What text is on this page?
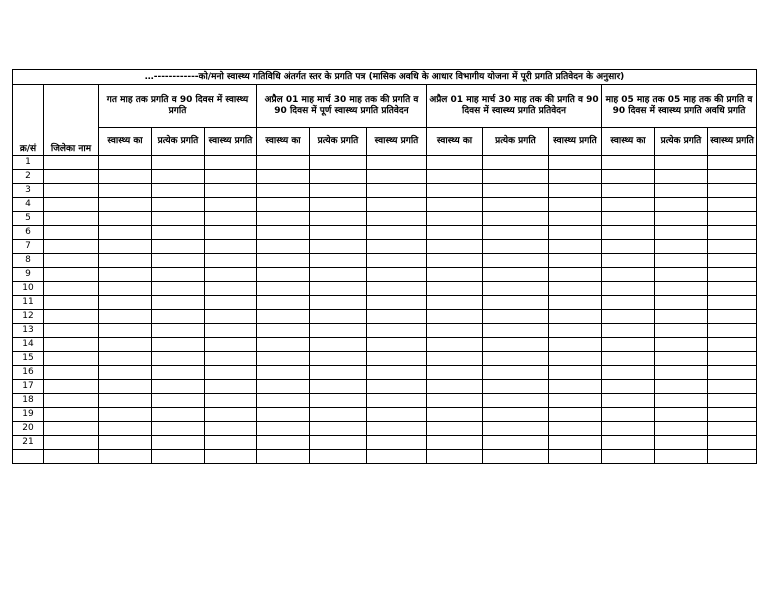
…------------को/मनो स्वास्थ्य गतिविधि अंतर्गत स्तर के प्रगति पत्र (मासिक अवधि के आधार विभागीय योजना में पूरी प्रगति प्रतिवेदन के अनुसार)													
क्र/सं	जिलेका नाम	गत माह तक प्रगति व 90 दिवस में स्वास्थ्य प्रगति			अप्रैल 01 माह मार्च 30 माह तक की प्रगति व 90 दिवस में पूर्ण स्वास्थ्य प्रगति प्रतिवेदन			अप्रैल 01 माह मार्च 30 माह तक की प्रगति व 90 दिवस में स्वास्थ्य प्रगति प्रतिवेदन			माह 05 माह तक 05 माह तक की प्रगति व 90 दिवस में स्वास्थ्य प्रगति अवधि प्रगति		
		स्वास्थ्य का	प्रत्येक प्रगति	स्वास्थ्य प्रगति	स्वास्थ्य का	प्रत्येक प्रगति	स्वास्थ्य प्रगति	स्वास्थ्य का	प्रत्येक प्रगति	स्वास्थ्य प्रगति	स्वास्थ्य का	प्रत्येक प्रगति	स्वास्थ्य प्रगति
1													
2													
3													
4													
5													
6													
7													
8													
9													
10													
11													
12													
13													
14													
15													
16													
17													
18													
19													
20													
21													
